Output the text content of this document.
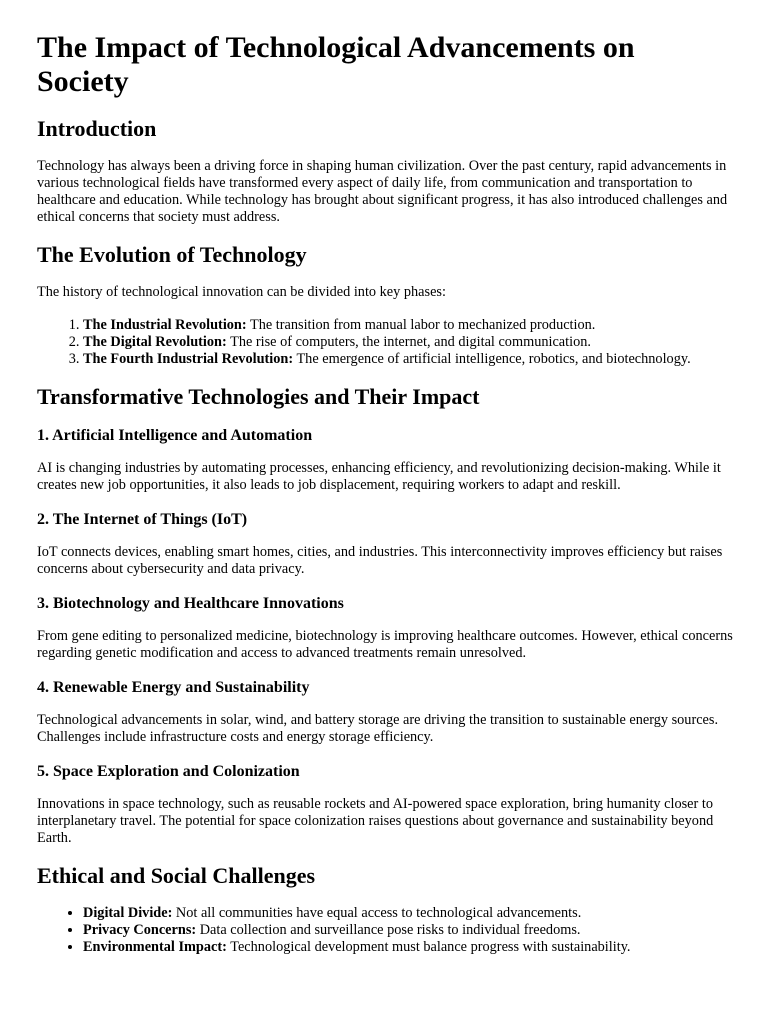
The Impact of Technological Advancements on Society
Introduction

Technology has always been a driving force in shaping human civilization. Over the past century, rapid advancements in various technological fields have transformed every aspect of daily life, from communication and transportation to healthcare and education. While technology has brought about significant progress, it has also introduced challenges and ethical concerns that society must address.

The Evolution of Technology

The history of technological innovation can be divided into key phases:

1. The Industrial Revolution: The transition from manual labor to mechanized production.
2. The Digital Revolution: The rise of computers, the internet, and digital communication.
3. The Fourth Industrial Revolution: The emergence of artificial intelligence, robotics, and biotechnology.
Transformative Technologies and Their Impact
1. Artificial Intelligence and Automation

AI is changing industries by automating processes, enhancing efficiency, and revolutionizing decision-making. While it creates new job opportunities, it also leads to job displacement, requiring workers to adapt and reskill.

2. The Internet of Things (IoT)

IoT connects devices, enabling smart homes, cities, and industries. This interconnectivity improves efficiency but raises concerns about cybersecurity and data privacy.

3. Biotechnology and Healthcare Innovations

From gene editing to personalized medicine, biotechnology is improving healthcare outcomes. However, ethical concerns regarding genetic modification and access to advanced treatments remain unresolved.

4. Renewable Energy and Sustainability

Technological advancements in solar, wind, and battery storage are driving the transition to sustainable energy sources. Challenges include infrastructure costs and energy storage efficiency.

5. Space Exploration and Colonization

Innovations in space technology, such as reusable rockets and AI-powered space exploration, bring humanity closer to interplanetary travel. The potential for space colonization raises questions about governance and sustainability beyond Earth.

Ethical and Social Challenges
• Digital Divide: Not all communities have equal access to technological advancements.
• Privacy Concerns: Data collection and surveillance pose risks to individual freedoms.
• Environmental Impact: Technological development must balance progress with sustainability.
